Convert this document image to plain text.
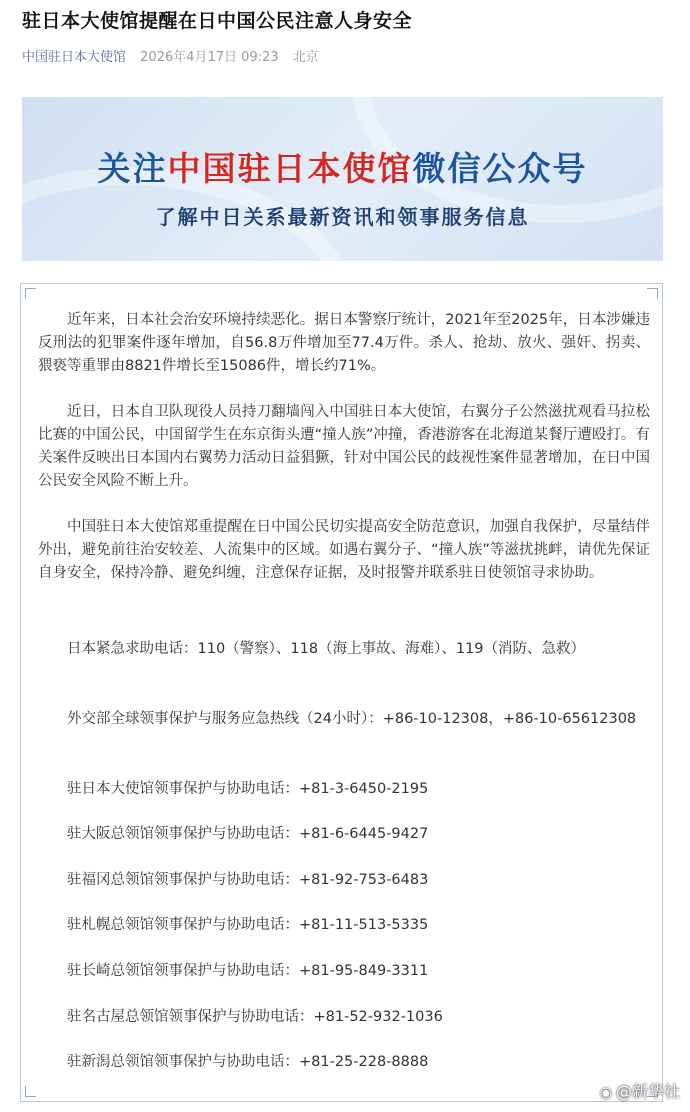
驻日本大使馆提醒在日中国公民注意人身安全
中国驻日本大使馆 2026年4月17日 09:23 北京
关注中国驻日本使馆微信公众号
了解中日关系最新资讯和领事服务信息

近年来，日本社会治安环境持续恶化。据日本警察厅统计，2021年至2025年，日本涉嫌违反刑法的犯罪案件逐年增加，自56.8万件增加至77.4万件。杀人、抢劫、放火、强奸、拐卖、猥亵等重罪由8821件增长至15086件，增长约71%。

近日，日本自卫队现役人员持刀翻墙闯入中国驻日本大使馆，右翼分子公然滋扰观看马拉松比赛的中国公民，中国留学生在东京街头遭“撞人族”冲撞，香港游客在北海道某餐厅遭殴打。有关案件反映出日本国内右翼势力活动日益猖獗，针对中国公民的歧视性案件显著增加，在日中国公民安全风险不断上升。

中国驻日本大使馆郑重提醒在日中国公民切实提高安全防范意识，加强自我保护，尽量结伴外出，避免前往治安较差、人流集中的区域。如遇右翼分子、“撞人族”等滋扰挑衅，请优先保证自身安全，保持冷静、避免纠缠，注意保存证据，及时报警并联系驻日使领馆寻求协助。

日本紧急求助电话：110（警察）、118（海上事故、海难）、119（消防、急救）

外交部全球领事保护与服务应急热线（24小时）：+86-10-12308，+86-10-65612308

驻日本大使馆领事保护与协助电话：+81-3-6450-2195

驻大阪总领馆领事保护与协助电话：+81-6-6445-9427

驻福冈总领馆领事保护与协助电话：+81-92-753-6483

驻札幌总领馆领事保护与协助电话：+81-11-513-5335

驻长崎总领馆领事保护与协助电话：+81-95-849-3311

驻名古屋总领馆领事保护与协助电话：+81-52-932-1036

驻新潟总领馆领事保护与协助电话：+81-25-228-8888

◉ @新华社
